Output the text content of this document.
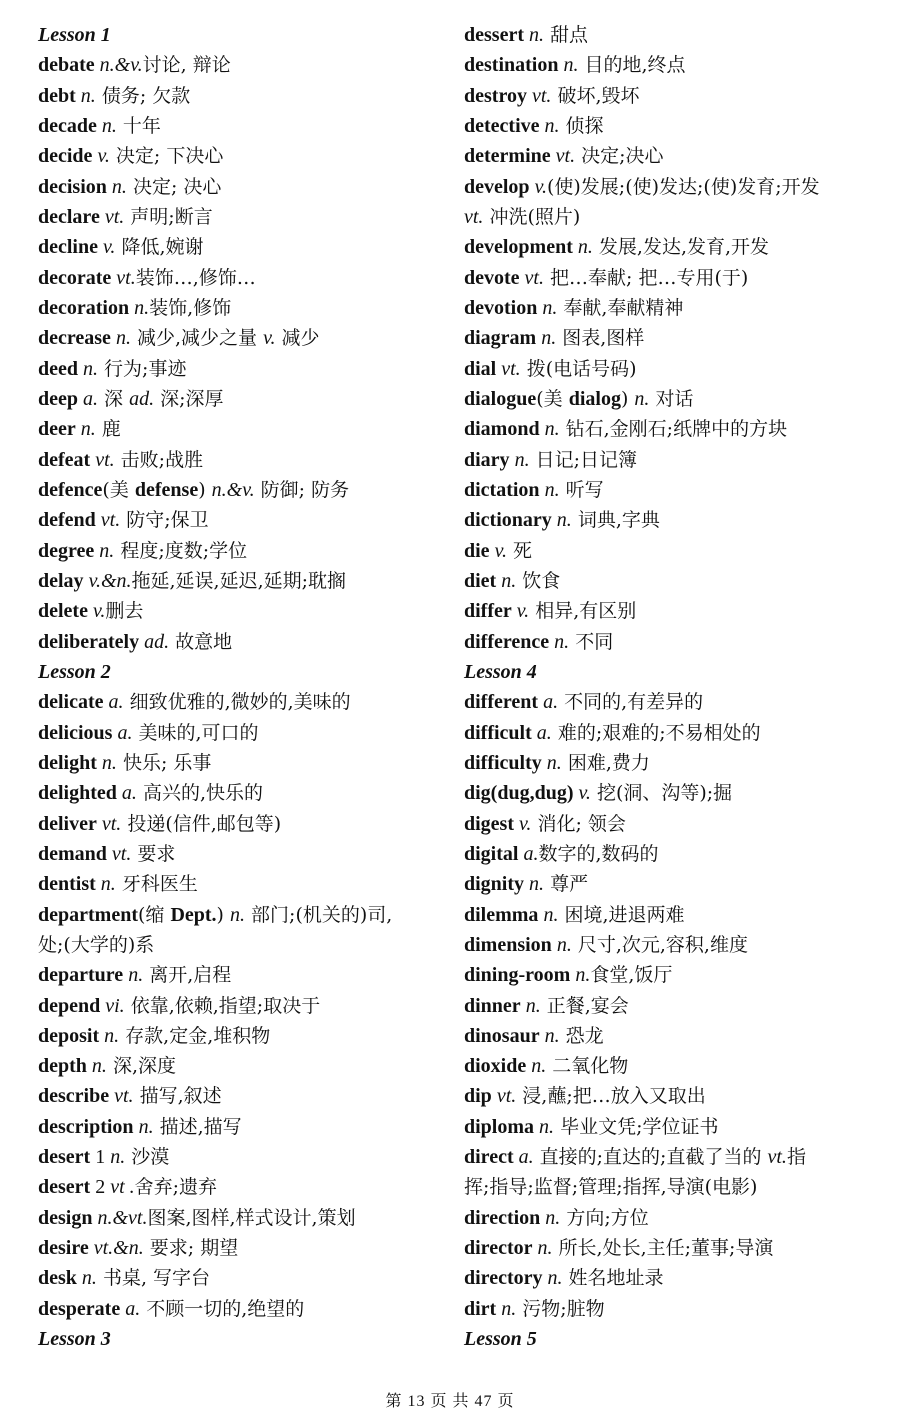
Lesson 1
debate n.&v.讨论, 辩论
debt n. 债务; 欠款
decade n. 十年
decide v. 决定; 下决心
decision n. 决定; 决心
declare vt. 声明;断言
decline v. 降低,婉谢
decorate vt.装饰…,修饰…
decoration n.装饰,修饰
decrease n. 减少,减少之量 v. 减少
deed n. 行为;事迹
deep a. 深 ad. 深;深厚
deer n. 鹿
defeat vt. 击败;战胜
defence(美 defense) n.&v. 防御; 防务
defend vt. 防守;保卫
degree n. 程度;度数;学位
delay v.&n.拖延,延误,延迟,延期;耽搁
delete v.删去
deliberately ad. 故意地
Lesson 2
delicate a. 细致优雅的,微妙的,美味的
delicious a. 美味的,可口的
delight n. 快乐; 乐事
delighted a. 高兴的,快乐的
deliver vt. 投递(信件,邮包等)
demand vt. 要求
dentist n. 牙科医生
department(缩 Dept.) n. 部门;(机关的)司,
处;(大学的)系
departure n. 离开,启程
depend vi. 依靠,依赖,指望;取决于
deposit n. 存款,定金,堆积物
depth n. 深,深度
describe vt. 描写,叙述
description n. 描述,描写
desert 1 n. 沙漠
desert 2 vt .舍弃;遗弃
design n.&vt.图案,图样,样式设计,策划
desire vt.&n. 要求; 期望
desk n. 书桌, 写字台
desperate a. 不顾一切的,绝望的
Lesson 3
dessert n. 甜点
destination n. 目的地,终点
destroy vt. 破坏,毁坏
detective n. 侦探
determine vt. 决定;决心
develop v.(使)发展;(使)发达;(使)发育;开发
vt. 冲洗(照片)
development n. 发展,发达,发育,开发
devote vt. 把…奉献; 把…专用(于)
devotion n. 奉献,奉献精神
diagram n. 图表,图样
dial vt. 拨(电话号码)
dialogue(美 dialog) n. 对话
diamond n. 钻石,金刚石;纸牌中的方块
diary n. 日记;日记簿
dictation n. 听写
dictionary n. 词典,字典
die v. 死
diet n. 饮食
differ v. 相异,有区别
difference n. 不同
Lesson 4
different a. 不同的,有差异的
difficult a. 难的;艰难的;不易相处的
difficulty n. 困难,费力
dig(dug,dug) v. 挖(洞、沟等);掘
digest v. 消化; 领会
digital a.数字的,数码的
dignity n. 尊严
dilemma n. 困境,进退两难
dimension n. 尺寸,次元,容积,维度
dining-room n.食堂,饭厅
dinner n. 正餐,宴会
dinosaur n. 恐龙
dioxide n. 二氧化物
dip vt. 浸,蘸;把…放入又取出
diploma n. 毕业文凭;学位证书
direct a. 直接的;直达的;直截了当的 vt.指
挥;指导;监督;管理;指挥,导演(电影)
direction n. 方向;方位
director n. 所长,处长,主任;董事;导演
directory n. 姓名地址录
dirt n. 污物;脏物
Lesson 5
第 13 页 共 47 页
